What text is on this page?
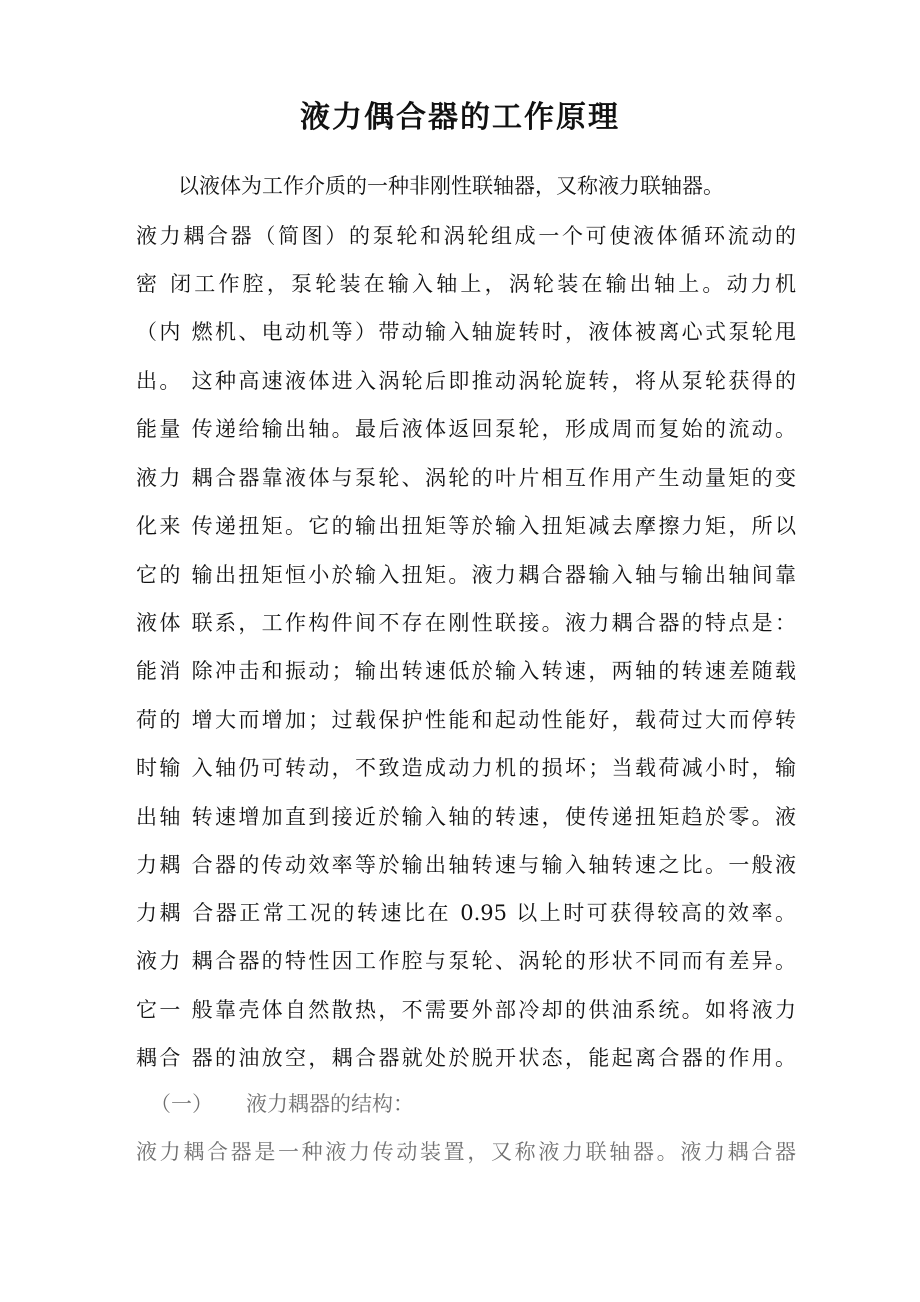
液力偶合器的工作原理
以液体为工作介质的一种非刚性联轴器，又称液力联轴器。
液力耦合器（简图）的泵轮和涡轮组成一个可使液体循环流动的
密 闭工作腔，泵轮装在输入轴上，涡轮装在输出轴上。动力机
（内 燃机、电动机等）带动输入轴旋转时，液体被离心式泵轮甩
出。 这种高速液体进入涡轮后即推动涡轮旋转，将从泵轮获得的
能量 传递给输出轴。最后液体返回泵轮，形成周而复始的流动。
液力 耦合器靠液体与泵轮、涡轮的叶片相互作用产生动量矩的变
化来 传递扭矩。它的输出扭矩等於输入扭矩减去摩擦力矩，所以
它的 输出扭矩恒小於输入扭矩。液力耦合器输入轴与输出轴间靠
液体 联系，工作构件间不存在刚性联接。液力耦合器的特点是：
能消 除冲击和振动；输出转速低於输入转速，两轴的转速差随载
荷的 增大而增加；过载保护性能和起动性能好，载荷过大而停转
时输 入轴仍可转动，不致造成动力机的损坏；当载荷减小时，输
出轴 转速增加直到接近於输入轴的转速，使传递扭矩趋於零。液
力耦 合器的传动效率等於输出轴转速与输入轴转速之比。一般液
力耦 合器正常工况的转速比在 0.95 以上时可获得较高的效率。
液力 耦合器的特性因工作腔与泵轮、涡轮的形状不同而有差异。
它一 般靠壳体自然散热，不需要外部冷却的供油系统。如将液力
耦合 器的油放空，耦合器就处於脱开状态，能起离合器的作用。
（一） 液力耦器的结构：
液力耦合器是一种液力传动装置，又称液力联轴器。液力耦合器
